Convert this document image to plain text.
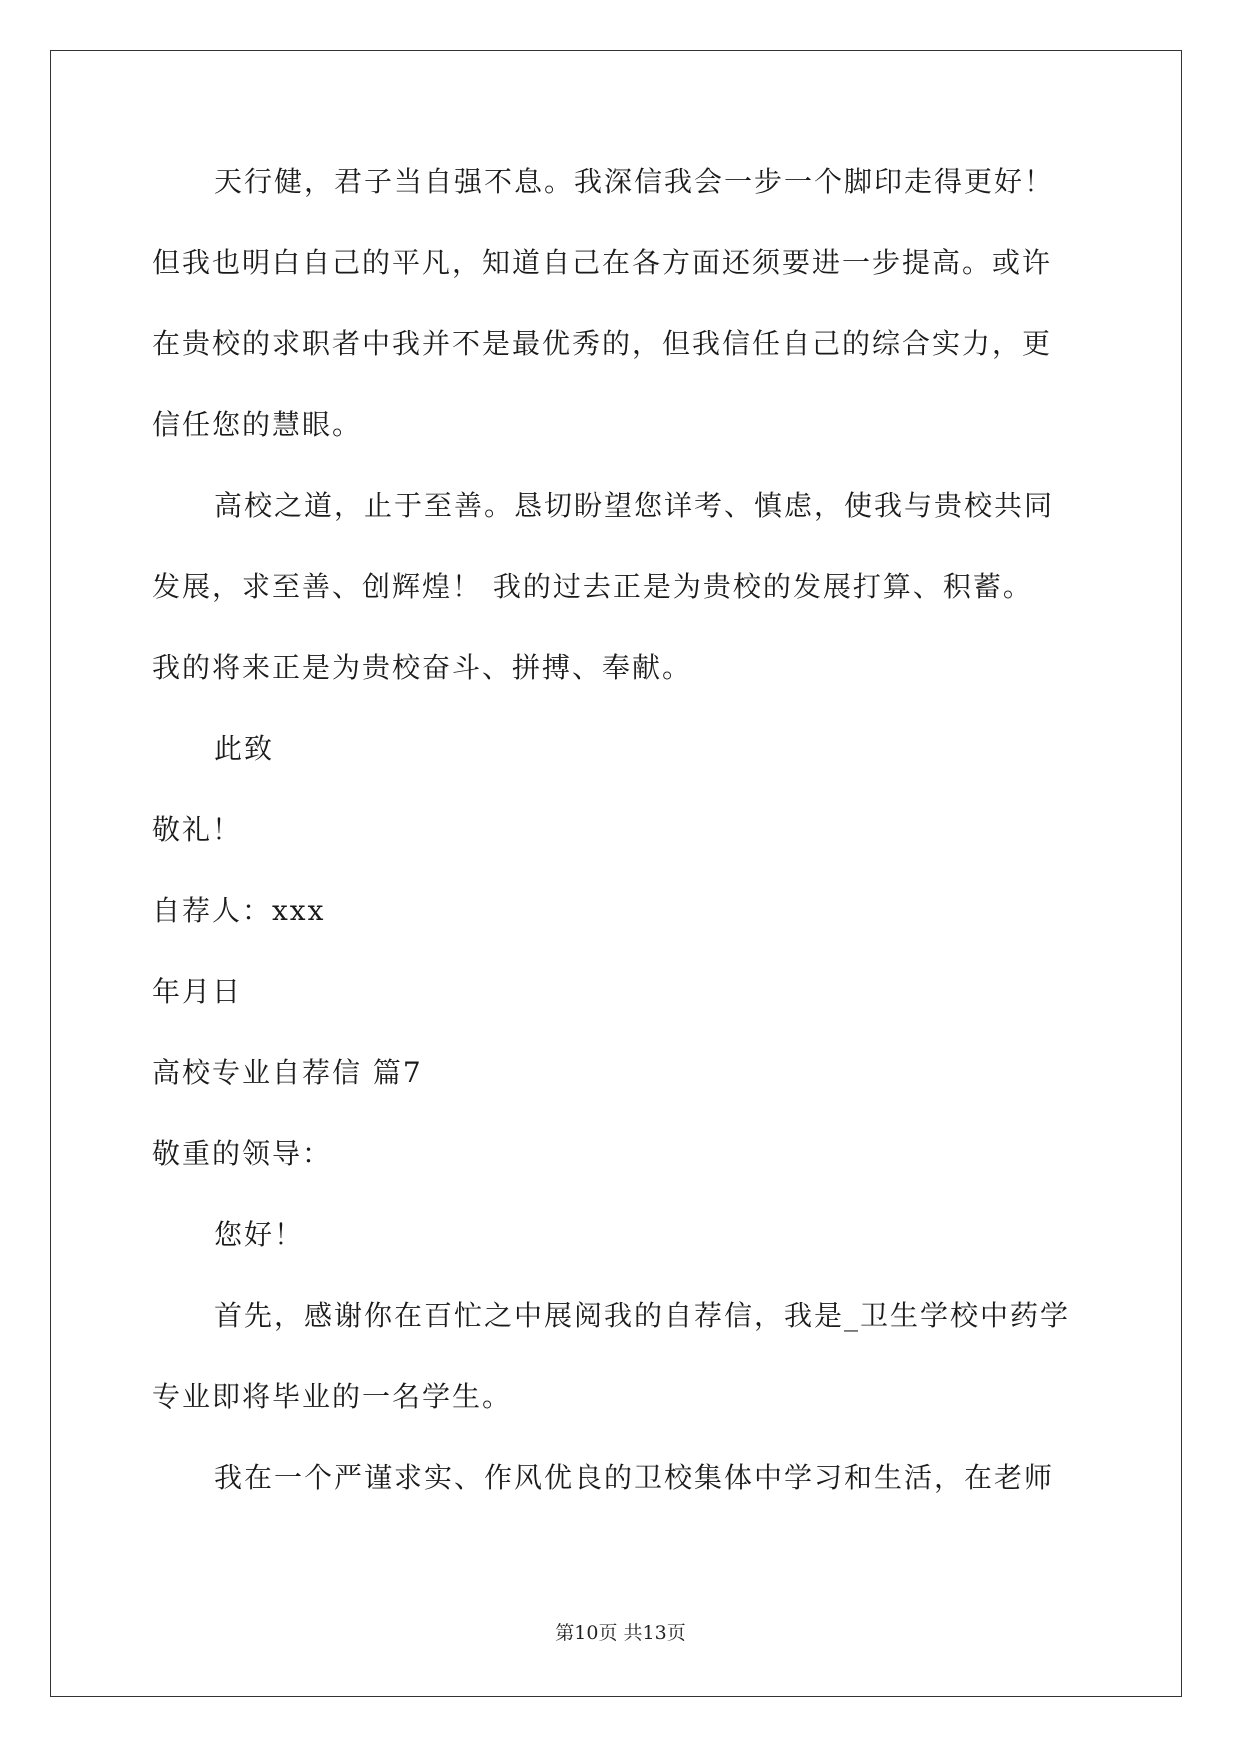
天行健，君子当自强不息。我深信我会一步一个脚印走得更好！
但我也明白自己的平凡，知道自己在各方面还须要进一步提高。或许
在贵校的求职者中我并不是最优秀的，但我信任自己的综合实力，更
信任您的慧眼。
高校之道，止于至善。恳切盼望您详考、慎虑，使我与贵校共同
发展，求至善、创辉煌！ 我的过去正是为贵校的发展打算、积蓄。
我的将来正是为贵校奋斗、拼搏、奉献。
此致
敬礼！
自荐人：xxx
年月日
高校专业自荐信 篇7
敬重的领导：
您好！
首先，感谢你在百忙之中展阅我的自荐信，我是_卫生学校中药学
专业即将毕业的一名学生。
我在一个严谨求实、作风优良的卫校集体中学习和生活，在老师
第10页 共13页
